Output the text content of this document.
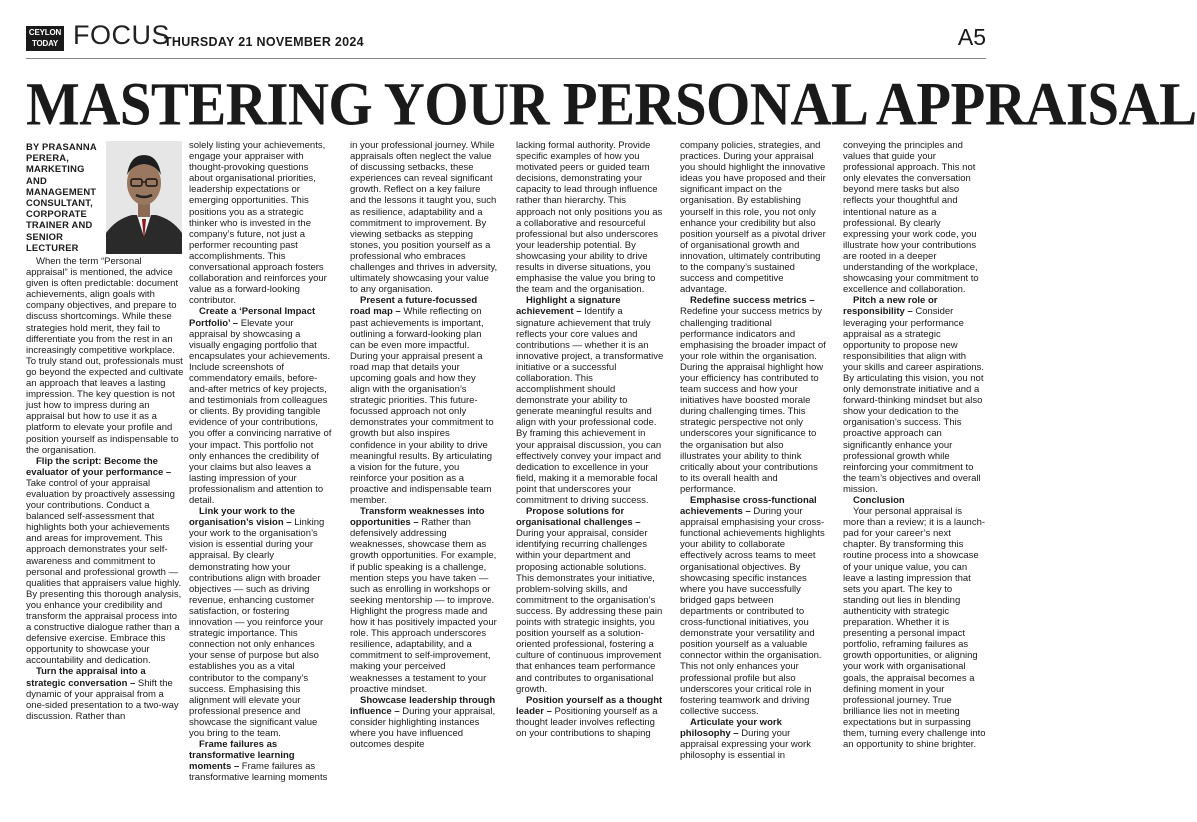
CEYLON
TODAY FOCUS
THURSDAY 21 NOVEMBER 2024	A5
MASTERING YOUR PERSONAL APPRAISAL
BY PRASANNA PERERA, MARKETING AND MANAGEMENT CONSULTANT, CORPORATE TRAINER AND SENIOR LECTURER

When the term “Personal appraisal” is mentioned, the advice given is often predictable: document achievements, align goals with company objectives, and prepare to discuss shortcomings. While these strategies hold merit, they fail to differentiate you from the rest in an increasingly competitive workplace. To truly stand out, professionals must go beyond the expected and cultivate an approach that leaves a lasting impression. The key question is not just how to impress during an appraisal but how to use it as a platform to elevate your profile and position yourself as indispensable to the organisation.

Flip the script: Become the evaluator of your performance – Take control of your appraisal evaluation by proactively assessing your contributions. Conduct a balanced self-assessment that highlights both your achievements and areas for improvement. This approach demonstrates your self-awareness and commitment to personal and professional growth — qualities that appraisers value highly. By presenting this thorough analysis, you enhance your credibility and transform the appraisal process into a constructive dialogue rather than a defensive exercise. Embrace this opportunity to showcase your accountability and dedication.

Turn the appraisal into a strategic conversation – Shift the dynamic of your appraisal from a one-sided presentation to a two-way discussion. Rather than

solely listing your achievements, engage your appraiser with thought-provoking questions about organisational priorities, leadership expectations or emerging opportunities. This positions you as a strategic thinker who is invested in the company’s future, not just a performer recounting past accomplishments. This conversational approach fosters collaboration and reinforces your value as a forward-looking contributor.

Create a ‘Personal Impact Portfolio’ – Elevate your appraisal by showcasing a visually engaging portfolio that encapsulates your achievements. Include screenshots of commendatory emails, before-and-after metrics of key projects, and testimonials from colleagues or clients. By providing tangible evidence of your contributions, you offer a convincing narrative of your impact. This portfolio not only enhances the credibility of your claims but also leaves a lasting impression of your professionalism and attention to detail.

Link your work to the organisation’s vision – Linking your work to the organisation’s vision is essential during your appraisal. By clearly demonstrating how your contributions align with broader objectives — such as driving revenue, enhancing customer satisfaction, or fostering innovation — you reinforce your strategic importance. This connection not only enhances your sense of purpose but also establishes you as a vital contributor to the company’s success. Emphasising this alignment will elevate your professional presence and showcase the significant value you bring to the team.

Frame failures as transformative learning moments – Frame failures as transformative learning moments

in your professional journey. While appraisals often neglect the value of discussing setbacks, these experiences can reveal significant growth. Reflect on a key failure and the lessons it taught you, such as resilience, adaptability and a commitment to improvement. By viewing setbacks as stepping stones, you position yourself as a professional who embraces challenges and thrives in adversity, ultimately showcasing your value to any organisation.

Present a future-focussed road map – While reflecting on past achievements is important, outlining a forward-looking plan can be even more impactful. During your appraisal present a road map that details your upcoming goals and how they align with the organisation’s strategic priorities. This future-focussed approach not only demonstrates your commitment to growth but also inspires confidence in your ability to drive meaningful results. By articulating a vision for the future, you reinforce your position as a proactive and indispensable team member.

Transform weaknesses into opportunities – Rather than defensively addressing weaknesses, showcase them as growth opportunities. For example, if public speaking is a challenge, mention steps you have taken — such as enrolling in workshops or seeking mentorship — to improve. Highlight the progress made and how it has positively impacted your role. This approach underscores resilience, adaptability, and a commitment to self-improvement, making your perceived weaknesses a testament to your proactive mindset.

Showcase leadership through influence – During your appraisal, consider highlighting instances where you have influenced outcomes despite

lacking formal authority. Provide specific examples of how you motivated peers or guided team decisions, demonstrating your capacity to lead through influence rather than hierarchy. This approach not only positions you as a collaborative and resourceful professional but also underscores your leadership potential. By showcasing your ability to drive results in diverse situations, you emphasise the value you bring to the team and the organisation.

Highlight a signature achievement – Identify a signature achievement that truly reflects your core values and contributions — whether it is an innovative project, a transformative initiative or a successful collaboration. This accomplishment should demonstrate your ability to generate meaningful results and align with your professional code. By framing this achievement in your appraisal discussion, you can effectively convey your impact and dedication to excellence in your field, making it a memorable focal point that underscores your commitment to driving success.

Propose solutions for organisational challenges – During your appraisal, consider identifying recurring challenges within your department and proposing actionable solutions. This demonstrates your initiative, problem-solving skills, and commitment to the organisation’s success. By addressing these pain points with strategic insights, you position yourself as a solution-oriented professional, fostering a culture of continuous improvement that enhances team performance and contributes to organisational growth.

Position yourself as a thought leader – Positioning yourself as a thought leader involves reflecting on your contributions to shaping

company policies, strategies, and practices. During your appraisal you should highlight the innovative ideas you have proposed and their significant impact on the organisation. By establishing yourself in this role, you not only enhance your credibility but also position yourself as a pivotal driver of organisational growth and innovation, ultimately contributing to the company’s sustained success and competitive advantage.

Redefine success metrics – Redefine your success metrics by challenging traditional performance indicators and emphasising the broader impact of your role within the organisation. During the appraisal highlight how your efficiency has contributed to team success and how your initiatives have boosted morale during challenging times. This strategic perspective not only underscores your significance to the organisation but also illustrates your ability to think critically about your contributions to its overall health and performance.

Emphasise cross-functional achievements – During your appraisal emphasising your cross-functional achievements highlights your ability to collaborate effectively across teams to meet organisational objectives. By showcasing specific instances where you have successfully bridged gaps between departments or contributed to cross-functional initiatives, you demonstrate your versatility and position yourself as a valuable connector within the organisation. This not only enhances your professional profile but also underscores your critical role in fostering teamwork and driving collective success.

Articulate your work philosophy – During your appraisal expressing your work philosophy is essential in

conveying the principles and values that guide your professional approach. This not only elevates the conversation beyond mere tasks but also reflects your thoughtful and intentional nature as a professional. By clearly expressing your work code, you illustrate how your contributions are rooted in a deeper understanding of the workplace, showcasing your commitment to excellence and collaboration.

Pitch a new role or responsibility – Consider leveraging your performance appraisal as a strategic opportunity to propose new responsibilities that align with your skills and career aspirations. By articulating this vision, you not only demonstrate initiative and a forward-thinking mindset but also show your dedication to the organisation’s success. This proactive approach can significantly enhance your professional growth while reinforcing your commitment to the team’s objectives and overall mission.

Conclusion

Your personal appraisal is more than a review; it is a launch-pad for your career’s next chapter. By transforming this routine process into a showcase of your unique value, you can leave a lasting impression that sets you apart. The key to standing out lies in blending authenticity with strategic preparation. Whether it is presenting a personal impact portfolio, reframing failures as growth opportunities, or aligning your work with organisational goals, the appraisal becomes a defining moment in your professional journey. True brilliance lies not in meeting expectations but in surpassing them, turning every challenge into an opportunity to shine brighter.
